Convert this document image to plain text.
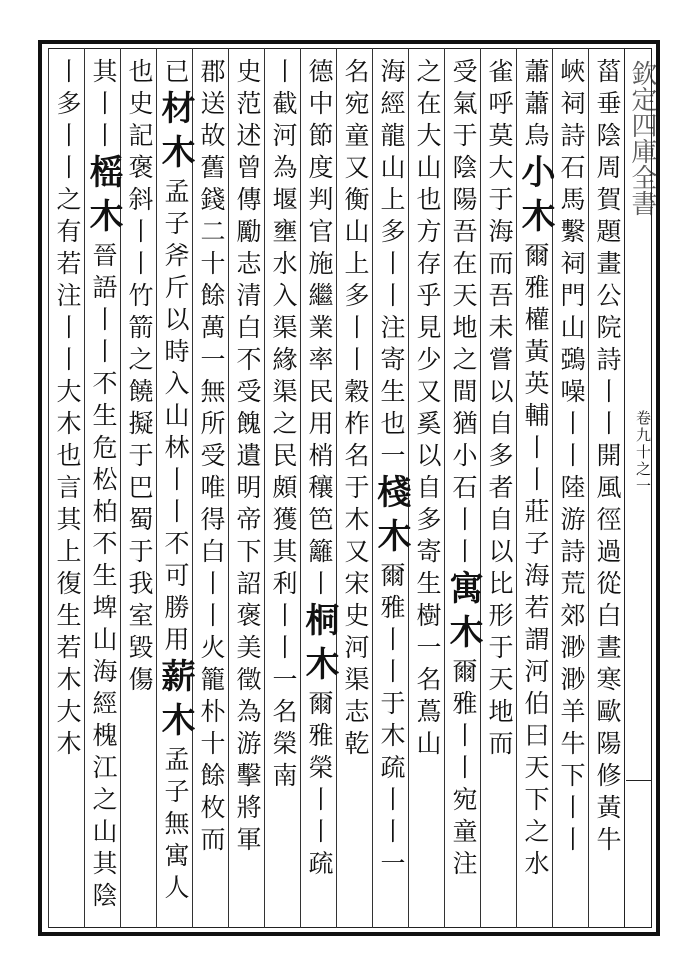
欽定四庫全書
卷九十之一
菑垂陰周賀題畫公院詩丨丨開風徑過從白晝寒歐陽修黃牛
峽祠詩石馬繫祠門山鵶噪丨丨陸游詩荒郊渺渺羊牛下丨丨
蕭蕭烏小木爾雅權黃英輔丨丨莊子海若謂河伯曰天下之水
雀呼莫大于海而吾未嘗以自多者自以比形于天地而
受氣于陰陽吾在天地之間猶小石丨丨寓木爾雅丨丨宛童注
之在大山也方存乎見少又奚以自多寄生樹一名蔦山
海經龍山上多丨丨注寄生也一棧木爾雅丨丨于木疏丨丨一
名宛童又衡山上多丨丨穀柞名于木又宋史河渠志乾
德中節度判官施繼業率民用梢穰笆籬丨桐木爾雅榮丨丨疏
丨截河為堰壅水入渠緣渠之民頗獲其利丨丨一名榮南
史范述曾傳勵志清白不受餽遺明帝下詔褒美徵為游擊將軍
郡送故舊錢二十餘萬一無所受唯得白丨丨火籠朴十餘枚而
已材木孟子斧斤以時入山林丨丨不可勝用薪木孟子無寓人
也史記褒斜丨丨竹箭之饒擬于巴蜀于我室毀傷
其丨丨榣木晉語丨丨不生危松柏不生埤山海經槐江之山其陰
丨多丨丨之有若注丨丨大木也言其上復生若木大木
